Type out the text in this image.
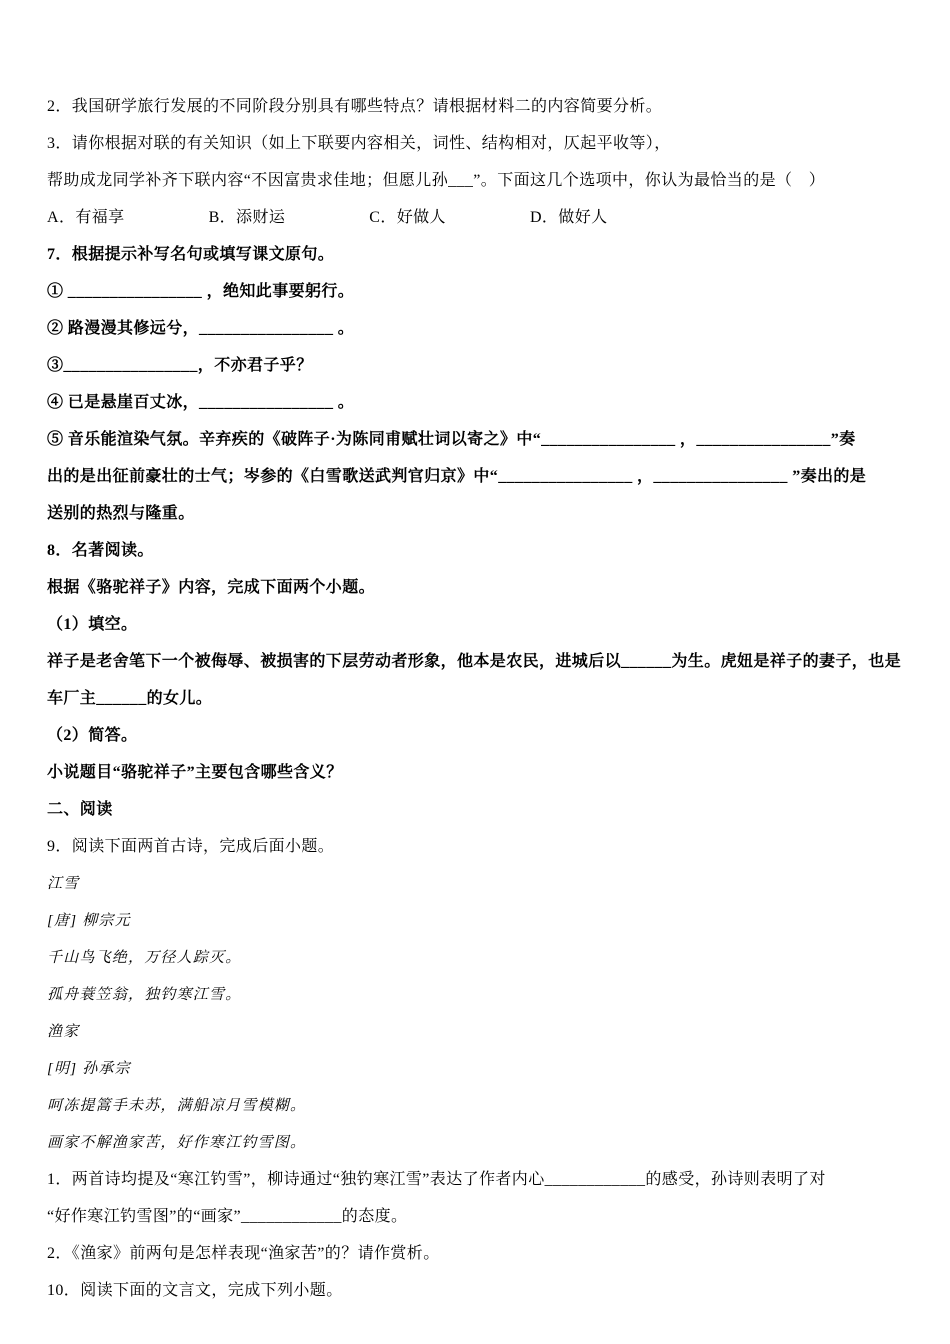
2．我国研学旅行发展的不同阶段分别具有哪些特点？请根据材料二的内容简要分析。

3．请你根据对联的有关知识（如上下联要内容相关，词性、结构相对，仄起平收等），

帮助成龙同学补齐下联内容“不因富贵求佳地；但愿儿孙___”。下面这几个选项中，你认为最恰当的是（　）

A．有福享	B．添财运	C．好做人	D．做好人

7．根据提示补写名句或填写课文原句。

① ________________ ，绝知此事要躬行。

② 路漫漫其修远兮，________________ 。

③________________，不亦君子乎？

④ 已是悬崖百丈冰，________________ 。

⑤ 音乐能渲染气氛。辛弃疾的《破阵子·为陈同甫赋壮词以寄之》中“________________ ，________________”奏

出的是出征前豪壮的士气；岑参的《白雪歌送武判官归京》中“________________ ，________________ ”奏出的是

送别的热烈与隆重。

8．名著阅读。

根据《骆驼祥子》内容，完成下面两个小题。

（1）填空。

祥子是老舍笔下一个被侮辱、被损害的下层劳动者形象，他本是农民，进城后以______为生。虎妞是祥子的妻子，也是

车厂主______的女儿。

（2）简答。

小说题目“骆驼祥子”主要包含哪些含义？

二、阅读

9．阅读下面两首古诗，完成后面小题。

江雪

[唐] 柳宗元

千山鸟飞绝，万径人踪灭。

孤舟蓑笠翁，独钓寒江雪。

渔家

[明] 孙承宗

呵冻提篙手未苏，满船凉月雪模糊。

画家不解渔家苦，好作寒江钓雪图。

1．两首诗均提及“寒江钓雪”，柳诗通过“独钓寒江雪”表达了作者内心____________的感受，孙诗则表明了对

“好作寒江钓雪图”的“画家”____________的态度。

2．《渔家》前两句是怎样表现“渔家苦”的？请作赏析。

10．阅读下面的文言文，完成下列小题。
